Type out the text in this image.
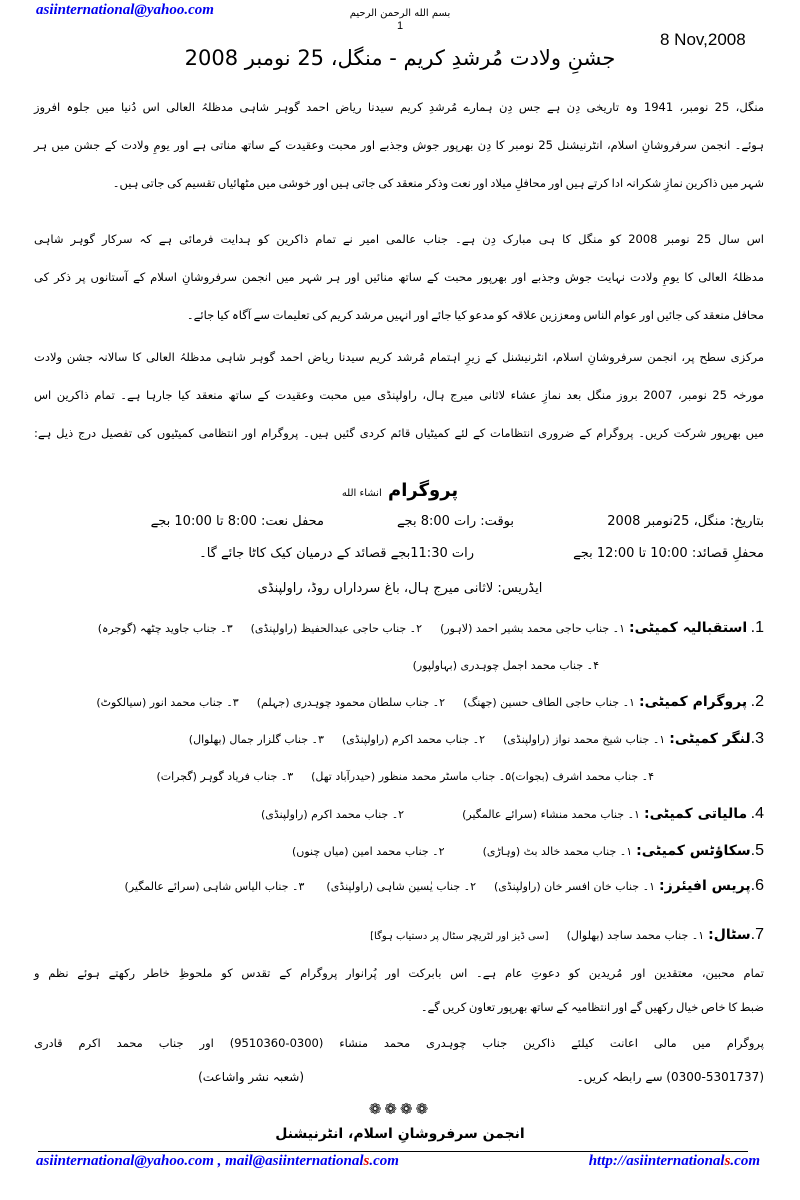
asiinternational@yahoo.com	بسم الله الرحمن الرحيم
1
8 Nov,2008
جشنِ ولادت مُرشدِ کریم - منگل، 25 نومبر 2008
منگل، 25 نومبر، 1941 وہ تاریخی دِن ہے جس دِن ہمارے مُرشدِ کریم سیدنا ریاض احمد گوہر شاہی مدظلہُ العالی اس دُنیا میں جلوہ افروز
ہوئے۔ انجمن سرفروشانِ اسلام، انٹرنیشنل 25 نومبر کا دِن بھرپور جوش وجذبے اور محبت وعقیدت کے ساتھ مناتی ہے اور یومِ ولادت کے جشن میں ہر
شہر میں ذاکرین نمازِ شکرانہ ادا کرتے ہیں اور محافلِ میلاد اور نعت وذکر منعقد کی جاتی ہیں اور خوشی میں مٹھائیاں تقسیم کی جاتی ہیں۔
اس سال 25 نومبر 2008 کو منگل کا ہی مبارک دِن ہے۔ جناب عالمی امیر نے تمام ذاکرین کو ہدایت فرمائی ہے کہ سرکار گوہر شاہی
مدظلہُ العالی کا یومِ ولادت نہایت جوش وجذبے اور بھرپور محبت کے ساتھ منائیں اور ہر شہر میں انجمن سرفروشانِ اسلام کے آستانوں پر ذکر کی
محافل منعقد کی جائیں اور عوام الناس ومعززین علاقہ کو مدعو کیا جائے اور انہیں مرشد کریم کی تعلیمات سے آگاہ کیا جائے۔
مرکزی سطح پر، انجمن سرفروشانِ اسلام، انٹرنیشنل کے زیرِ اہتمام مُرشد کریم سیدنا ریاض احمد گوہر شاہی مدظلہُ العالی کا سالانہ جشن ولادت
مورخہ 25 نومبر، 2007 بروز منگل بعد نمازِ عشاء لاثانی میرج ہال، راولپنڈی میں محبت وعقیدت کے ساتھ منعقد کیا جارہا ہے۔ تمام ذاکرین اس
میں بھرپور شرکت کریں۔ پروگرام کے ضروری انتظامات کے لئے کمیٹیاں قائم کردی گئیں ہیں۔ پروگرام اور انتظامی کمیٹیوں کی تفصیل درج ذیل ہے:
پروگرام انشاء الله
بتاریخ: منگل، 25نومبر 2008بوقت: رات 8:00 بجےمحفل نعت: 8:00 تا 10:00 بجے
محفلِ قصائد: 10:00 تا 12:00 بجےرات 11:30بجے قصائد کے درمیان کیک کاٹا جائے گا۔
ایڈریس: لاثانی میرج ہال، باغ سرداراں روڈ، راولپنڈی
1. استقبالیہ کمیٹی:۱۔ جناب حاجی محمد بشیر احمد (لاہور)۲۔ جناب حاجی عبدالحفیظ (راولپنڈی)۳۔ جناب جاوید چٹھہ (گوجرہ)
۴۔ جناب محمد اجمل چوہدری (بہاولپور)
2. پروگرام کمیٹی:۱۔ جناب حاجی الطاف حسین (جھنگ)۲۔ جناب سلطان محمود چوہدری (جہلم)۳۔ جناب محمد انور (سیالکوٹ)
3.لنگر کمیٹی:۱۔ جناب شیخ محمد نواز (راولپنڈی)۲۔ جناب محمد اکرم (راولپنڈی)۳۔ جناب گلزار جمال (بھلوال)
۴۔ جناب محمد اشرف (بجوات)۵۔ جناب ماسٹر محمد منظور (حیدرآباد تھل)۳۔ جناب فریاد گوہر (گجرات)
4. مالیاتی کمیٹی:۱۔ جناب محمد منشاء (سرائے عالمگیر)۲۔ جناب محمد اکرم (راولپنڈی)
5.سکاؤٹس کمیٹی:۱۔ جناب محمد خالد بٹ (وہاڑی)۲۔ جناب محمد امین (میاں چنوں)
6.پریس افیئرز:۱۔ جناب خان افسر خان (راولپنڈی)۲۔ جناب یٰسین شاہی (راولپنڈی)۳۔ جناب الیاس شاہی (سرائے عالمگیر)
7.سٹال:۱۔ جناب محمد ساجد (بھلوال)[سی ڈیز اور لٹریچر سٹال پر دستیاب ہوگا]
تمام محبین، معتقدین اور مُریدین کو دعوتِ عام ہے۔ اس بابرکت اور پُرانوار پروگرام کے تقدس کو ملحوظِ خاطر رکھتے ہوئے نظم و
ضبط کا خاص خیال رکھیں گے اور انتظامیہ کے ساتھ بھرپور تعاون کریں گے۔
پروگرام میں مالی اعانت کیلئے ذاکرین جناب چوہدری محمد منشاء (0300-9510360) اور جناب محمد اکرم قادری
(0300-5301737) سے رابطہ کریں۔(شعبہ نشر واشاعت)
❁❁❁❁
انجمن سرفروشانِ اسلام، انٹرنیشنل
asiinternational@yahoo.com , mail@asiinternationals.com	http://asiinternationals.com
